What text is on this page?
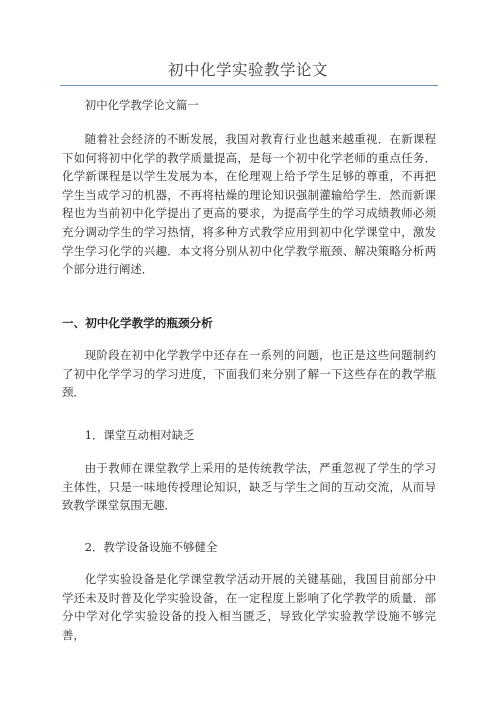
初中化学实验教学论文
初中化学教学论文篇一

随着社会经济的不断发展，我国对教育行业也越来越重视．在新课程下如何将初中化学的教学质量提高，是每一个初中化学老师的重点任务．化学新课程是以学生发展为本，在伦理观上给予学生足够的尊重，不再把学生当成学习的机器，不再将枯燥的理论知识强制灌输给学生．然而新课程也为当前初中化学提出了更高的要求，为提高学生的学习成绩教师必须充分调动学生的学习热情，将多种方式教学应用到初中化学课堂中，激发学生学习化学的兴趣．本文将分别从初中化学教学瓶颈、解决策略分析两个部分进行阐述．

一、初中化学教学的瓶颈分析

现阶段在初中化学教学中还存在一系列的问题，也正是这些问题制约了初中化学学习的学习进度，下面我们来分别了解一下这些存在的教学瓶颈．

1．课堂互动相对缺乏

由于教师在课堂教学上采用的是传统教学法，严重忽视了学生的学习主体性，只是一味地传授理论知识，缺乏与学生之间的互动交流，从而导致教学课堂氛围无趣．

2．教学设备设施不够健全

化学实验设备是化学课堂教学活动开展的关键基础，我国目前部分中学还未及时普及化学实验设备，在一定程度上影响了化学教学的质量．部分中学对化学实验设备的投入相当匮乏，导致化学实验教学设施不够完善，
